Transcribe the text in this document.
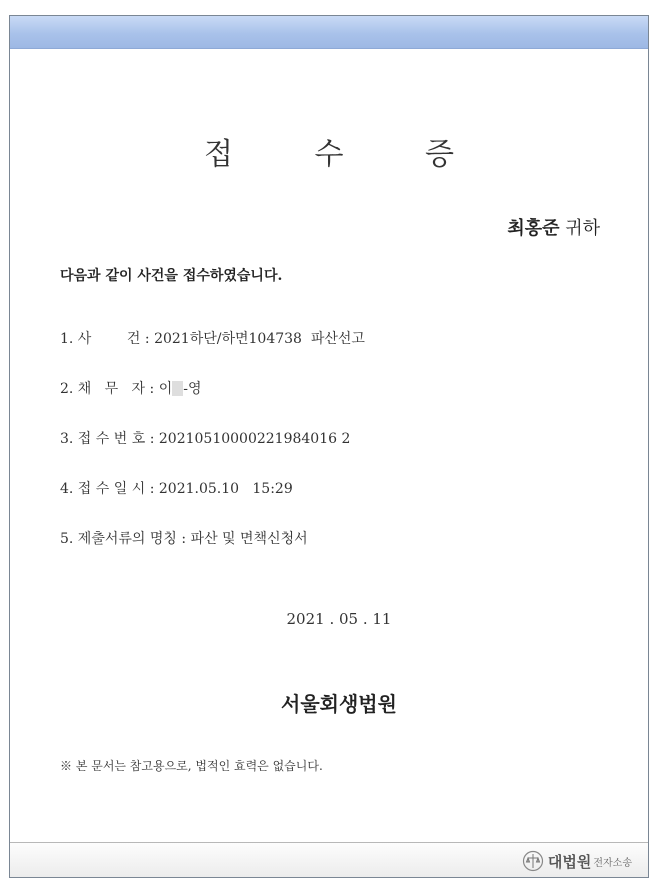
접 수 증
최홍준 귀하
다음과 같이 사건을 접수하였습니다.
1. 사        건 : 2021하단/하면104738  파산선고
2. 채   무   자 : 이 -영
3. 접 수 번 호 : 20210510000221984016 2
4. 접 수 일 시 : 2021.05.10   15:29
5. 제출서류의 명칭 : 파산 및 면책신청서
2021 . 05 . 11
서울회생법원
※ 본 문서는 참고용으로, 법적인 효력은 없습니다.
대법원 전자소송
